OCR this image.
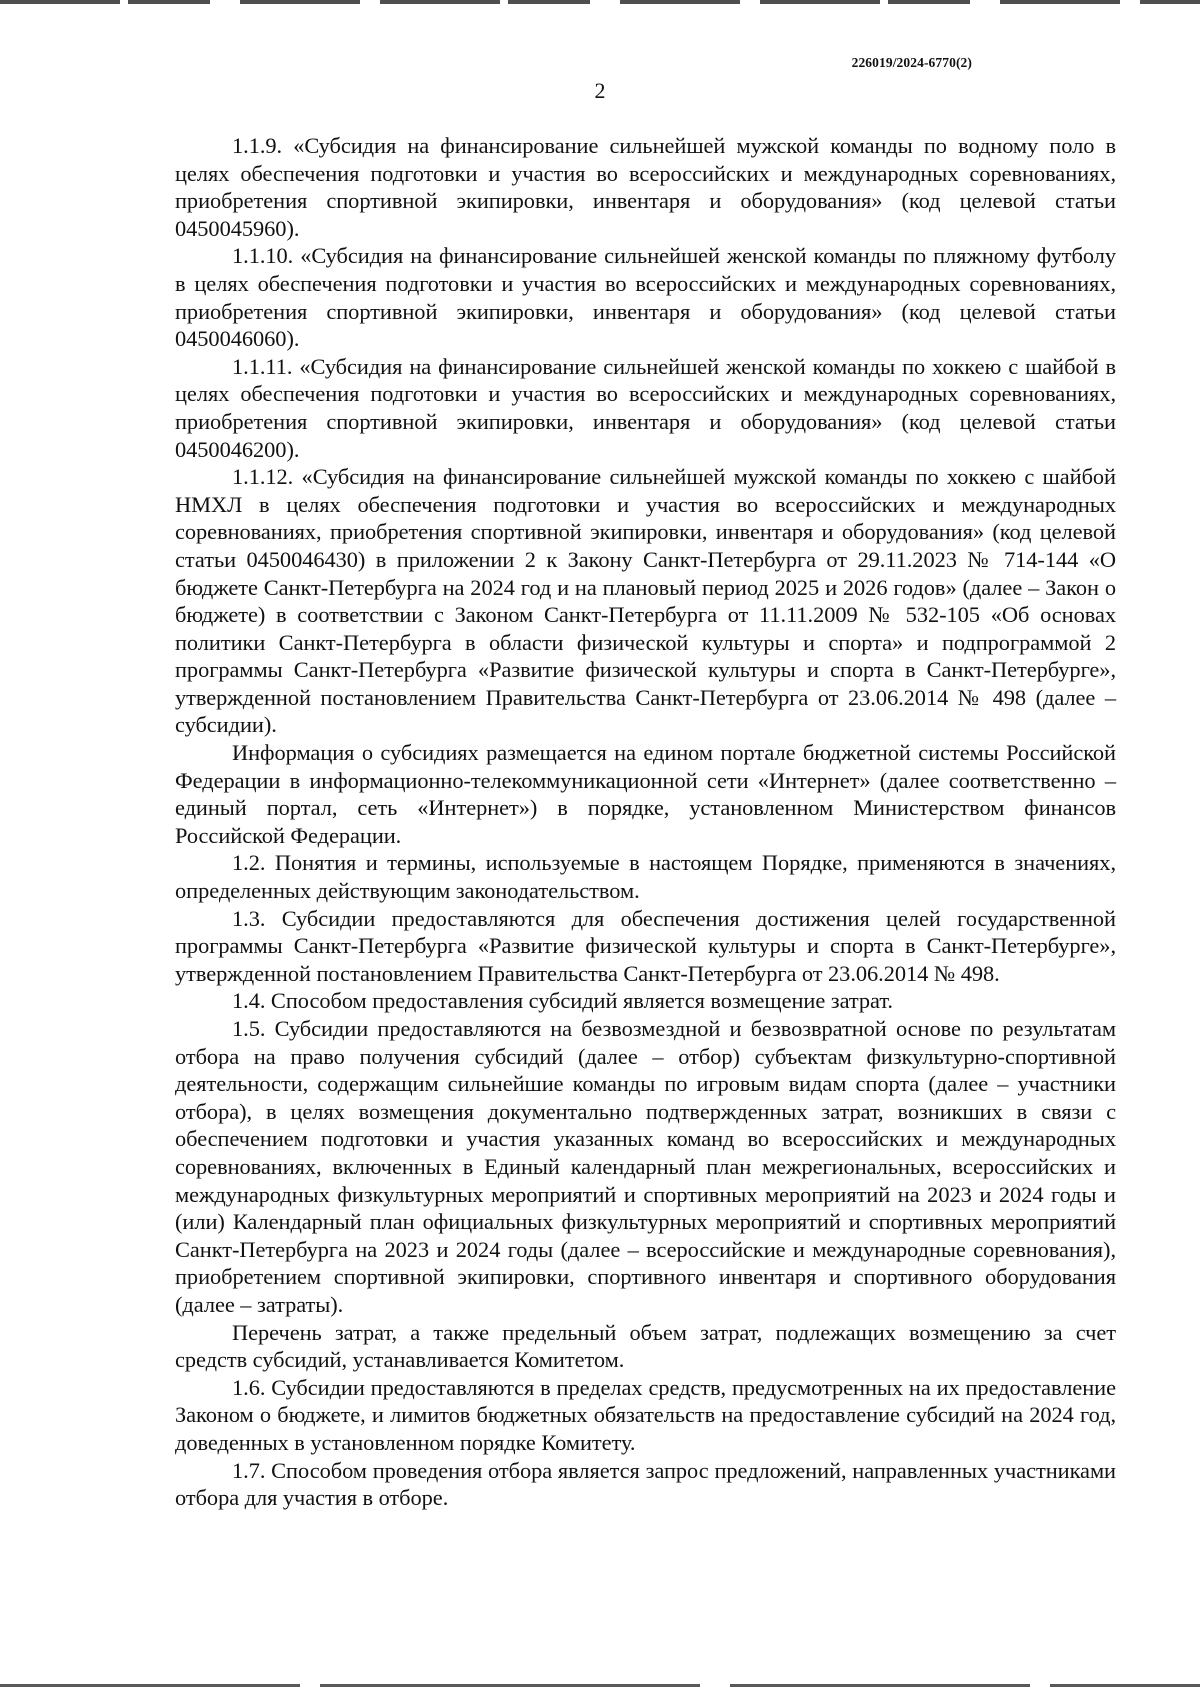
226019/2024-6770(2)
2

1.1.9. «Субсидия на финансирование сильнейшей мужской команды по водному поло в целях обеспечения подготовки и участия во всероссийских и международных соревнованиях, приобретения спортивной экипировки, инвентаря и оборудования» (код целевой статьи 0450045960).

1.1.10. «Субсидия на финансирование сильнейшей женской команды по пляжному футболу в целях обеспечения подготовки и участия во всероссийских и международных соревнованиях, приобретения спортивной экипировки, инвентаря и оборудования» (код целевой статьи 0450046060).

1.1.11. «Субсидия на финансирование сильнейшей женской команды по хоккею с шайбой в целях обеспечения подготовки и участия во всероссийских и международных соревнованиях, приобретения спортивной экипировки, инвентаря и оборудования» (код целевой статьи 0450046200).

1.1.12. «Субсидия на финансирование сильнейшей мужской команды по хоккею с шайбой НМХЛ в целях обеспечения подготовки и участия во всероссийских и международных соревнованиях, приобретения спортивной экипировки, инвентаря и оборудования» (код целевой статьи 0450046430) в приложении 2 к Закону Санкт-Петербурга от 29.11.2023 № 714-144 «О бюджете Санкт-Петербурга на 2024 год и на плановый период 2025 и 2026 годов» (далее – Закон о бюджете) в соответствии с Законом Санкт-Петербурга от 11.11.2009 № 532-105 «Об основах политики Санкт-Петербурга в области физической культуры и спорта» и подпрограммой 2 программы Санкт-Петербурга «Развитие физической культуры и спорта в Санкт-Петербурге», утвержденной постановлением Правительства Санкт-Петербурга от 23.06.2014 № 498 (далее – субсидии).

Информация о субсидиях размещается на едином портале бюджетной системы Российской Федерации в информационно-телекоммуникационной сети «Интернет» (далее соответственно – единый портал, сеть «Интернет») в порядке, установленном Министерством финансов Российской Федерации.

1.2. Понятия и термины, используемые в настоящем Порядке, применяются в значениях, определенных действующим законодательством.

1.3. Субсидии предоставляются для обеспечения достижения целей государственной программы Санкт-Петербурга «Развитие физической культуры и спорта в Санкт-Петербурге», утвержденной постановлением Правительства Санкт-Петербурга от 23.06.2014 № 498.

1.4. Способом предоставления субсидий является возмещение затрат.

1.5. Субсидии предоставляются на безвозмездной и безвозвратной основе по результатам отбора на право получения субсидий (далее – отбор) субъектам физкультурно-спортивной деятельности, содержащим сильнейшие команды по игровым видам спорта (далее – участники отбора), в целях возмещения документально подтвержденных затрат, возникших в связи с обеспечением подготовки и участия указанных команд во всероссийских и международных соревнованиях, включенных в Единый календарный план межрегиональных, всероссийских и международных физкультурных мероприятий и спортивных мероприятий на 2023 и 2024 годы и (или) Календарный план официальных физкультурных мероприятий и спортивных мероприятий Санкт-Петербурга на 2023 и 2024 годы (далее – всероссийские и международные соревнования), приобретением спортивной экипировки, спортивного инвентаря и спортивного оборудования (далее – затраты).

Перечень затрат, а также предельный объем затрат, подлежащих возмещению за счет средств субсидий, устанавливается Комитетом.

1.6. Субсидии предоставляются в пределах средств, предусмотренных на их предоставление Законом о бюджете, и лимитов бюджетных обязательств на предоставление субсидий на 2024 год, доведенных в установленном порядке Комитету.

1.7. Способом проведения отбора является запрос предложений, направленных участниками отбора для участия в отборе.
